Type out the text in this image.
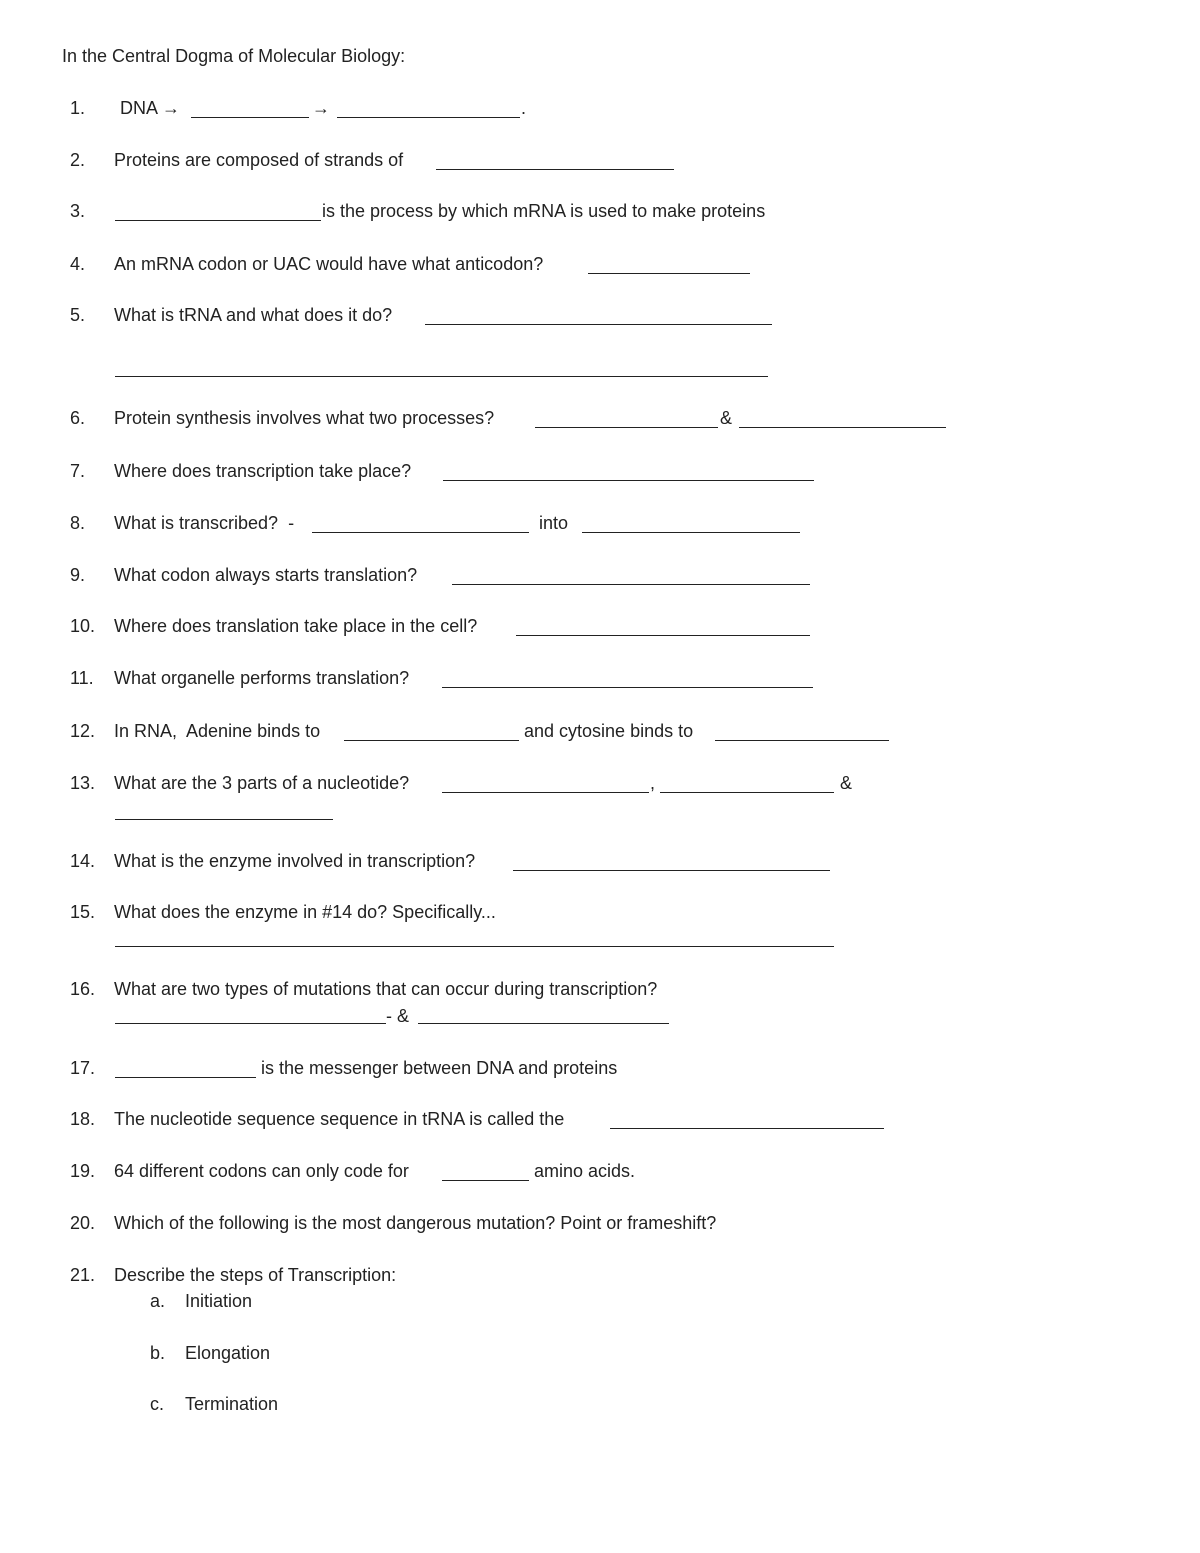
In the Central Dogma of Molecular Biology:
1.	DNA →	→	.
2.	Proteins are composed of strands of
3.	is the process by which mRNA is used to make proteins
4.	An mRNA codon or UAC would have what anticodon?
5.	What is tRNA and what does it do?
6.	Protein synthesis involves what two processes?	&
7.	Where does transcription take place?
8.	What is transcribed?  -	into
9.	What codon always starts translation?
10.	Where does translation take place in the cell?
11.	What organelle performs translation?
12.	In RNA,  Adenine binds to	and cytosine binds to
13.	What are the 3 parts of a nucleotide?	,	&
14.	What is the enzyme involved in transcription?
15.	What does the enzyme in #14 do? Specifically...
16.	What are two types of mutations that can occur during transcription?
- &
17.	is the messenger between DNA and proteins
18.	The nucleotide sequence sequence in tRNA is called the
19.	64 different codons can only code for	amino acids.
20.	Which of the following is the most dangerous mutation? Point or frameshift?
21.	Describe the steps of Transcription:
a. Initiation
b. Elongation
c. Termination
